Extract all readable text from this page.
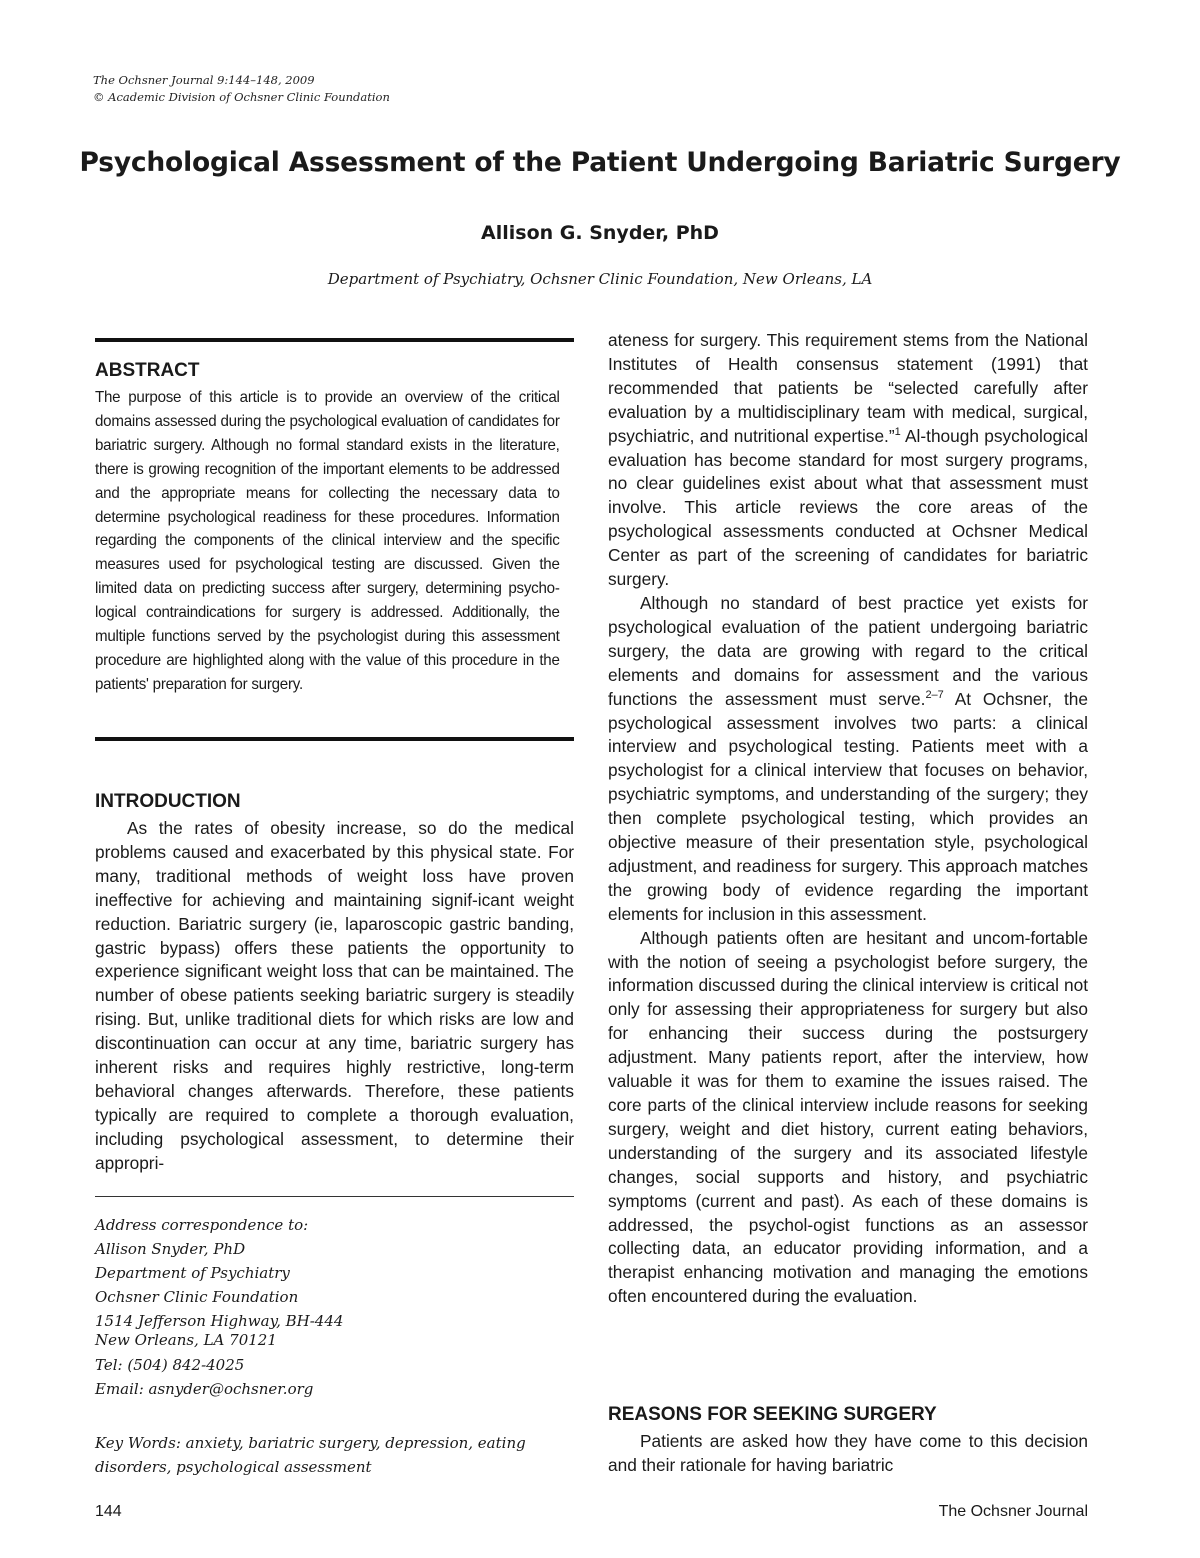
The Ochsner Journal 9:144–148, 2009
© Academic Division of Ochsner Clinic Foundation
Psychological Assessment of the Patient Undergoing Bariatric Surgery
Allison G. Snyder, PhD
Department of Psychiatry, Ochsner Clinic Foundation, New Orleans, LA
ABSTRACT

The purpose of this article is to provide an overview of the critical domains assessed during the psychological evaluation of candidates for bariatric surgery. Although no formal standard exists in the literature, there is growing recognition of the important elements to be addressed and the appropriate means for collecting the necessary data to determine psychological readiness for these procedures. Information regarding the components of the clinical interview and the specific measures used for psychological testing are discussed. Given the limited data on predicting success after surgery, determining psycho-logical contraindications for surgery is addressed. Additionally, the multiple functions served by the psychologist during this assessment procedure are highlighted along with the value of this procedure in the patients' preparation for surgery.

INTRODUCTION

As the rates of obesity increase, so do the medical problems caused and exacerbated by this physical state. For many, traditional methods of weight loss have proven ineffective for achieving and maintaining signif-icant weight reduction. Bariatric surgery (ie, laparoscopic gastric banding, gastric bypass) offers these patients the opportunity to experience significant weight loss that can be maintained. The number of obese patients seeking bariatric surgery is steadily rising. But, unlike traditional diets for which risks are low and discontinuation can occur at any time, bariatric surgery has inherent risks and requires highly restrictive, long-term behavioral changes afterwards. Therefore, these patients typically are required to complete a thorough evaluation, including psychological assessment, to determine their appropri-

Address correspondence to:
Allison Snyder, PhD
Department of Psychiatry
Ochsner Clinic Foundation
1514 Jefferson Highway, BH-444
New Orleans, LA 70121
Tel: (504) 842-4025
Email: asnyder@ochsner.org
Key Words: anxiety, bariatric surgery, depression, eating disorders, psychological assessment

ateness for surgery. This requirement stems from the National Institutes of Health consensus statement (1991) that recommended that patients be “selected carefully after evaluation by a multidisciplinary team with medical, surgical, psychiatric, and nutritional expertise.”$^1$ Al-though psychological evaluation has become standard for most surgery programs, no clear guidelines exist about what that assessment must involve. This article reviews the core areas of the psychological assessments conducted at Ochsner Medical Center as part of the screening of candidates for bariatric surgery.

Although no standard of best practice yet exists for psychological evaluation of the patient undergoing bariatric surgery, the data are growing with regard to the critical elements and domains for assessment and the various functions the assessment must serve.$^{2-7}$ At Ochsner, the psychological assessment involves two parts: a clinical interview and psychological testing. Patients meet with a psychologist for a clinical interview that focuses on behavior, psychiatric symptoms, and understanding of the surgery; they then complete psychological testing, which provides an objective measure of their presentation style, psychological adjustment, and readiness for surgery. This approach matches the growing body of evidence regarding the important elements for inclusion in this assessment.

Although patients often are hesitant and uncom-fortable with the notion of seeing a psychologist before surgery, the information discussed during the clinical interview is critical not only for assessing their appropriateness for surgery but also for enhancing their success during the postsurgery adjustment. Many patients report, after the interview, how valuable it was for them to examine the issues raised. The core parts of the clinical interview include reasons for seeking surgery, weight and diet history, current eating behaviors, understanding of the surgery and its associated lifestyle changes, social supports and history, and psychiatric symptoms (current and past). As each of these domains is addressed, the psychol-ogist functions as an assessor collecting data, an educator providing information, and a therapist enhancing motivation and managing the emotions often encountered during the evaluation.

REASONS FOR SEEKING SURGERY

Patients are asked how they have come to this decision and their rationale for having bariatric

144	The Ochsner Journal
